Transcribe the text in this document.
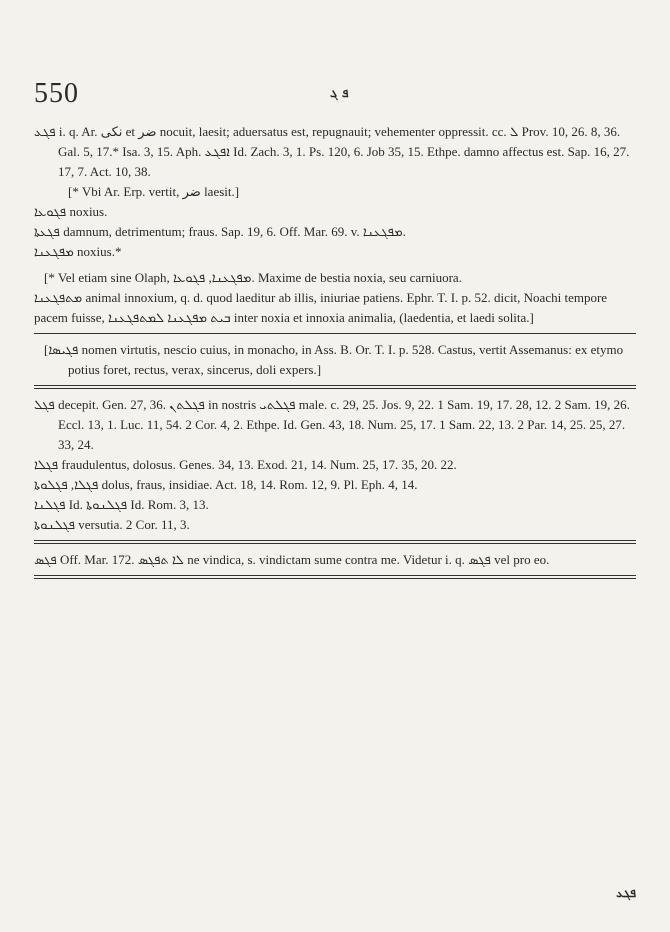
550	ܦ ܓ

ܦܓܥ i. q. Ar. نكى et ضر nocuit, laesit; aduersatus est, repugnauit; vehementer oppressit. cc. ܠ Prov. 10, 26. 8, 36. Gal. 5, 17.* Isa. 3, 15. Aph. ܐܦܓܥ Id. Zach. 3, 1. Ps. 120, 6. Job 35, 15. Ethpe. damno affectus est. Sap. 16, 27. 17, 7. Act. 10, 38.

[* Vbi Ar. Erp. vertit, ضر laesit.]

ܦܓܘܥܐ noxius.

ܦܓܥܬܐ damnum, detrimentum; fraus. Sap. 19, 6. Off. Mar. 69. v. ܡܦܓܥܢܐ.

ܡܦܓܥܢܐ noxius.*

[* Vel etiam sine Olaph, ܡܦܓܥܢܐ, ܦܓܘܥܐ. Maxime de bestia noxia, seu carniuora.

ܡܬܦܓܥܢܐ animal innoxium, q. d. quod laeditur ab illis, iniuriae patiens. Ephr. T. I. p. 52. dicit, Noachi tempore pacem fuisse, ܒܝܬ ܡܦܓܥܢܐ ܠܡܬܦܓܥܢܐ inter noxia et innoxia animalia, (laedentia, et laedi solita.]

[ܦܓܝܣܐ nomen virtutis, nescio cuius, in monacho, in Ass. B. Or. T. I. p. 528. Castus, vertit Assemanus: ex etymo potius foret, rectus, verax, sincerus, doli expers.]

ܦܓܠ decepit. Gen. 27, 36. ܦܓܠܬܢ in nostris ܦܓܠܬܝ male. c. 29, 25. Jos. 9, 22. 1 Sam. 19, 17. 28, 12. 2 Sam. 19, 26. Eccl. 13, 1. Luc. 11, 54. 2 Cor. 4, 2. Ethpe. Id. Gen. 43, 18. Num. 25, 17. 1 Sam. 22, 13. 2 Par. 14, 25. 25, 27. 33, 24.

ܦܓܠܐ fraudulentus, dolosus. Genes. 34, 13. Exod. 21, 14. Num. 25, 17. 35, 20. 22.

ܦܓܠܐ, ܦܓܠܘܬܐ dolus, fraus, insidiae. Act. 18, 14. Rom. 12, 9. Pl. Eph. 4, 14.

ܦܓܠܢܐ Id. ܦܓܠܢܘܬܐ Id. Rom. 3, 13.

ܦܓܠܢܘܬܐ versutia. 2 Cor. 11, 3.

ܦܓܣ Off. Mar. 172. ܠܐ ܬܦܓܣ ne vindica, s. vindictam sume contra me. Videtur i. q. ܦܓܣ vel pro eo.

ܦܓܥ
